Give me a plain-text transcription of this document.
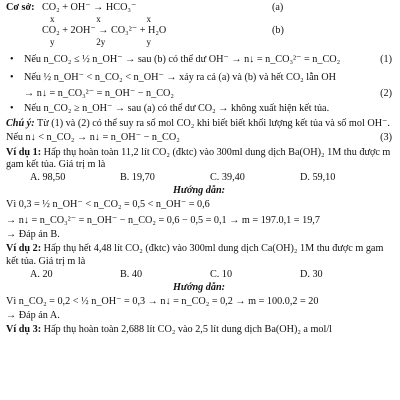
Cơ sở: CO₂ + OH⁻ → HCO₃⁻	(a)
x	x	x
CO₂ + 2OH⁻ → CO₃²⁻ + H₂O	(b)
y	2y	y
•	Nếu n_CO₂ ≤ ½ n_OH⁻ → sau (b) có thể dư OH⁻ → n↓ = n_CO₃²⁻ = n_CO₂	(1)
•	Nếu ½ n_OH⁻ < n_CO₂ < n_OH⁻ → xảy ra cả (a) và (b) và hết CO₂ lẫn OH
→ n↓ = n_CO₃²⁻ = n_OH⁻ − n_CO₂	(2)
•	Nếu n_CO₂ ≥ n_OH⁻ → sau (a) có thể dư CO₂ → không xuất hiện kết tủa.
Chú ý: Từ (1) và (2) có thể suy ra số mol CO₂ khi biết biết khối lượng kết tủa và số mol OH⁻.
Nếu n↓ < n_CO₂ → n↓ = n_OH⁻ − n_CO₂	(3)
Ví dụ 1: Hấp thụ hoàn toàn 11,2 lít CO₂ (đktc) vào 300ml dung dịch Ba(OH)₂ 1M thu được m gam kết tủa. Giá trị m là
A. 98,50	B. 19,70	C. 39,40	D. 59,10
Hướng dẫn:
Vì 0,3 = ½ n_OH⁻ < n_CO₂ = 0,5 < n_OH⁻ = 0,6
→ n↓ = n_CO₃²⁻ = n_OH⁻ − n_CO₂ = 0,6 − 0,5 = 0,1 → m = 197.0,1 = 19,7
→ Đáp án B.
Ví dụ 2: Hấp thụ hết 4,48 lít CO₂ (đktc) vào 300ml dung dịch Ca(OH)₂ 1M thu được m gam kết tủa. Giá trị m là
A. 20	B. 40	C. 10	D. 30
Hướng dẫn:
Vì n_CO₂ = 0,2 < ½ n_OH⁻ = 0,3 → n↓ = n_CO₂ = 0,2 → m = 100.0,2 = 20
→ Đáp án A.
Ví dụ 3: Hấp thụ hoàn toàn 2,688 lít CO₂ vào 2,5 lít dung dịch Ba(OH)₂ a mol/l
